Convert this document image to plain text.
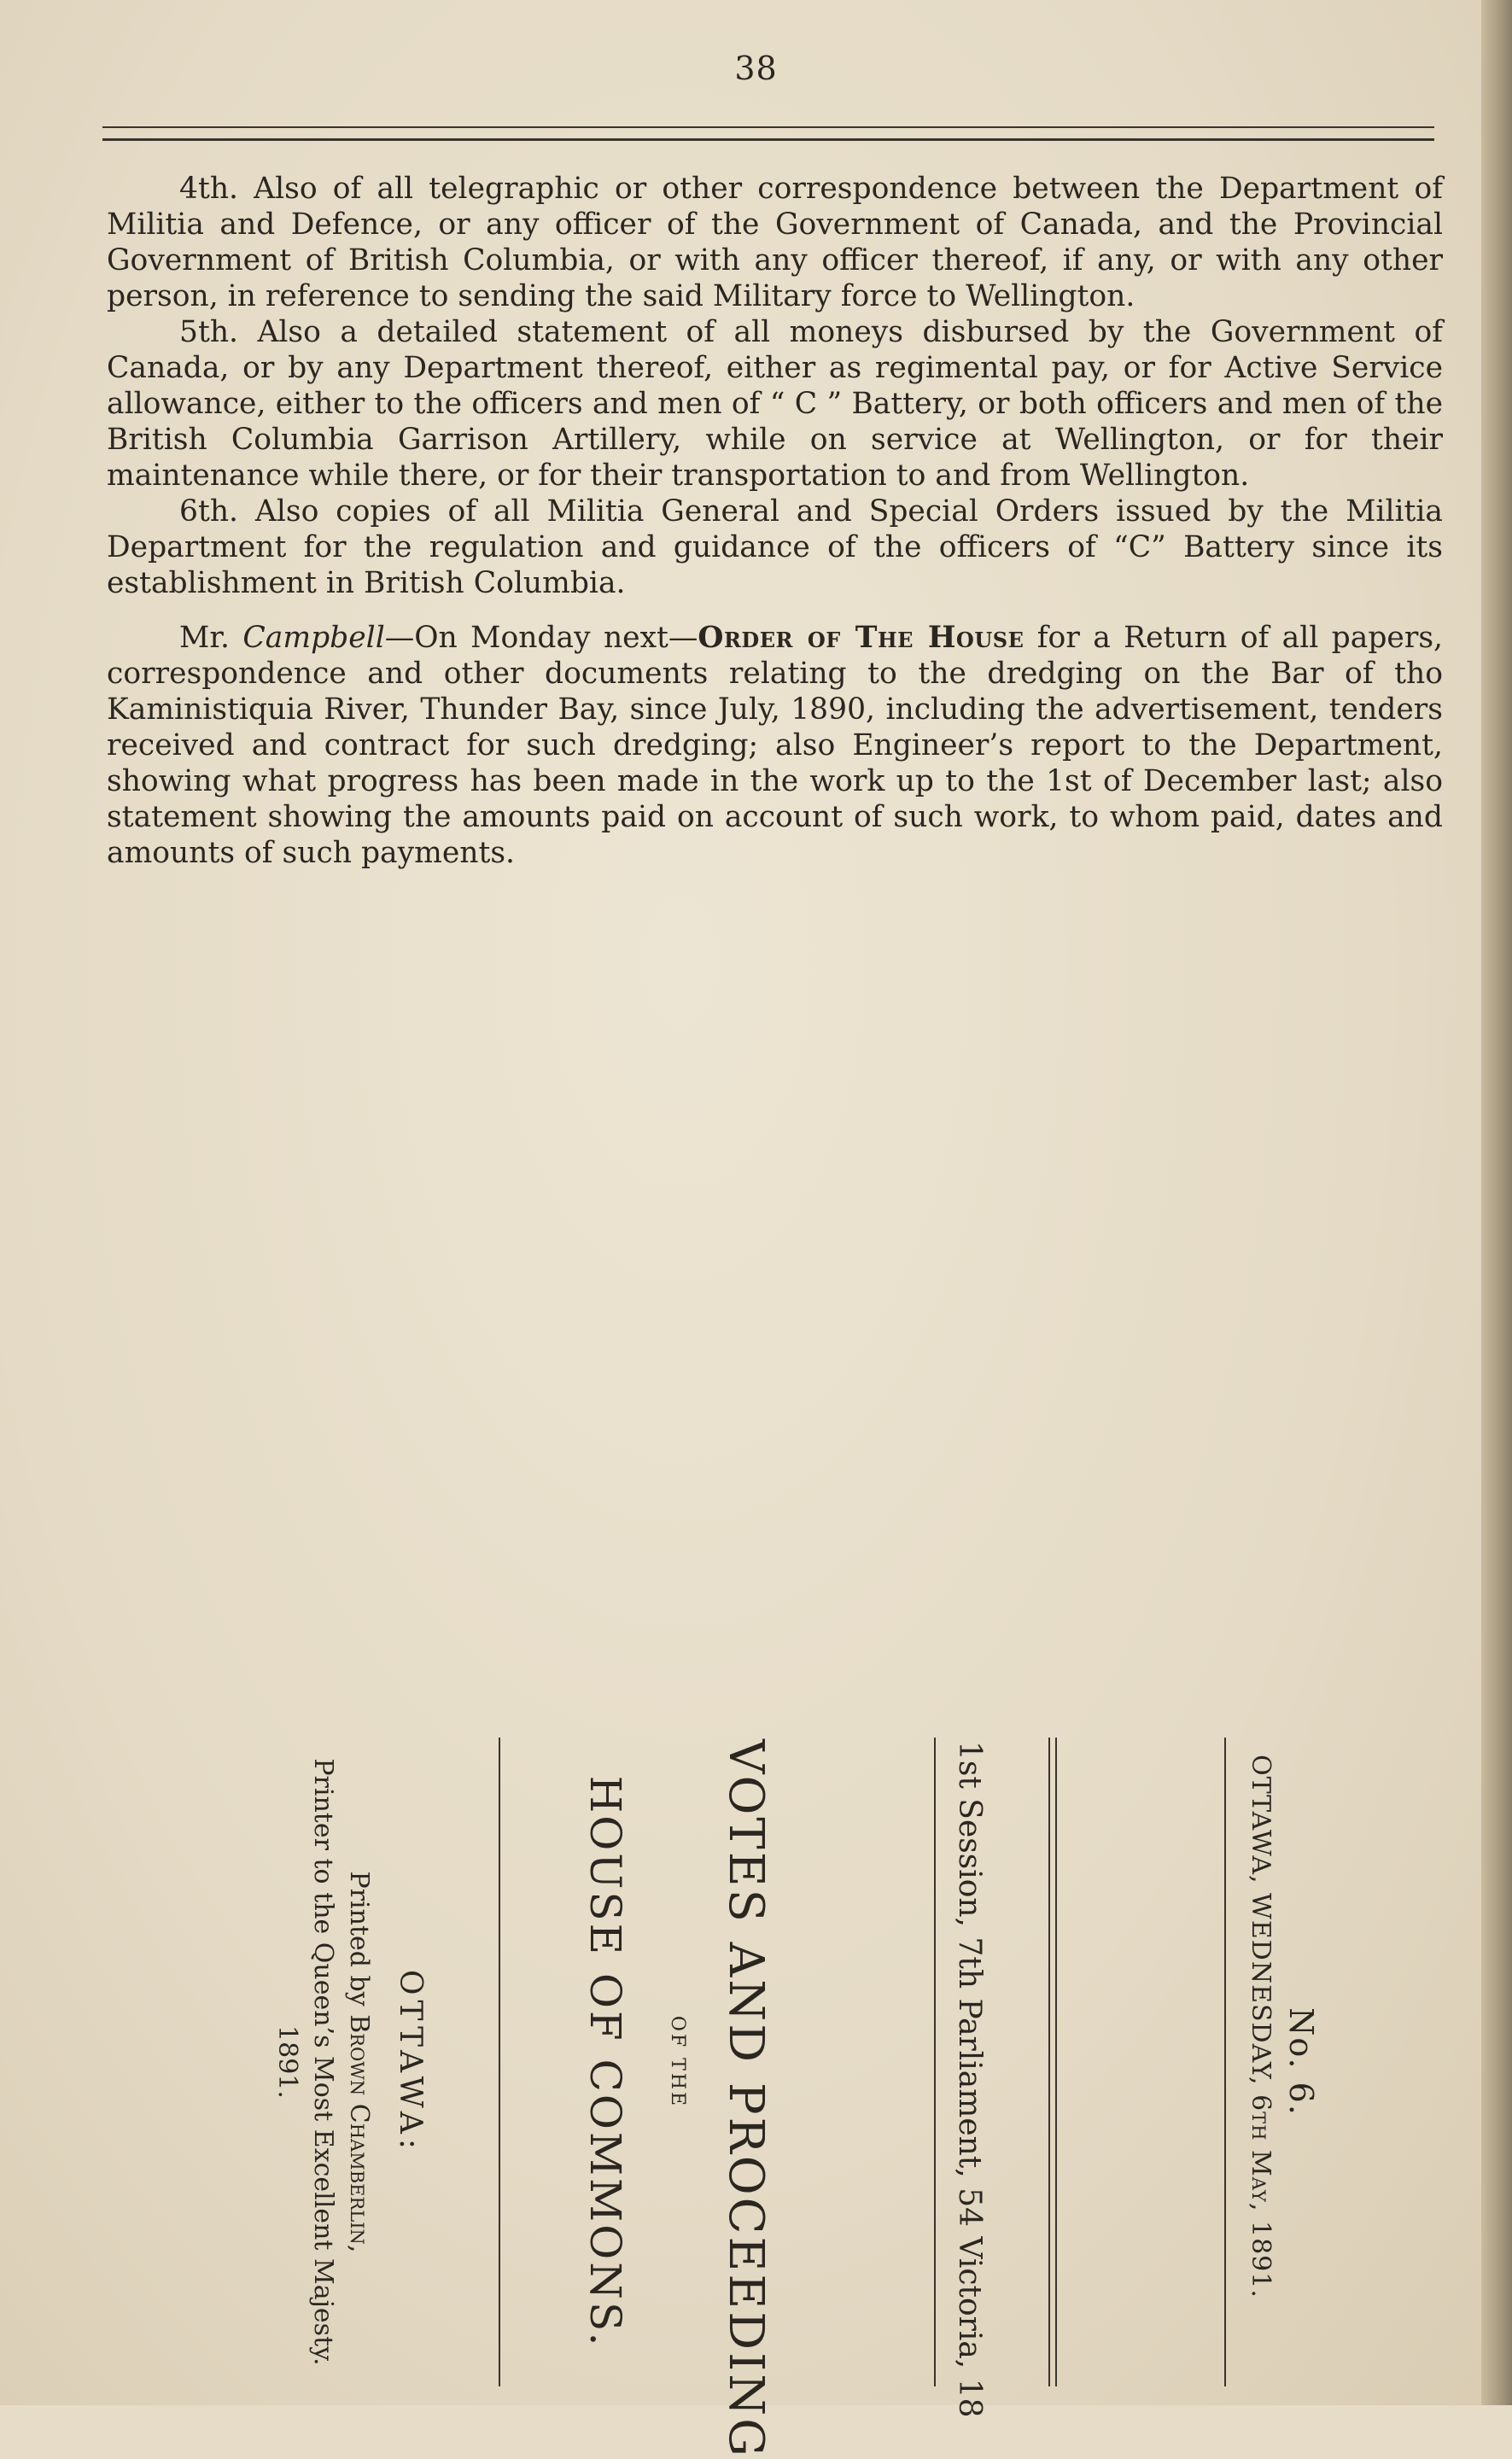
38

4th. Also of all telegraphic or other correspondence between the Department of Militia and Defence, or any officer of the Government of Canada, and the Provincial Government of British Columbia, or with any officer thereof, if any, or with any other person, in reference to sending the said Military force to Wellington.

5th. Also a detailed statement of all moneys disbursed by the Government of Canada, or by any Department thereof, either as regimental pay, or for Active Service allowance, either to the officers and men of “ C ” Battery, or both officers and men of the British Columbia Garrison Artillery, while on service at Wellington, or for their maintenance while there, or for their transportation to and from Wellington.

6th. Also copies of all Militia General and Special Orders issued by the Militia Department for the regulation and guidance of the officers of “C” Battery since its establishment in British Columbia.

Mr. Campbell—On Monday next—Order of The House for a Return of all papers, correspondence and other documents relating to the dredging on the Bar of tho Kaministiquia River, Thunder Bay, since July, 1890, including the advertisement, tenders received and contract for such dredging; also Engineer’s report to the Department, showing what progress has been made in the work up to the 1st of December last; also statement showing the amounts paid on account of such work, to whom paid, dates and amounts of such payments.

No. 6.
OTTAWA, WEDNESDAY, 6th May, 1891.
1st Session, 7th Parliament, 54 Victoria, 18
VOTES AND PROCEEDING
OF THE
HOUSE OF COMMONS.
OTTAWA:
Printed by Brown Chamberlin,
Printer to the Queen’s Most Excellent Majesty.
1891.
